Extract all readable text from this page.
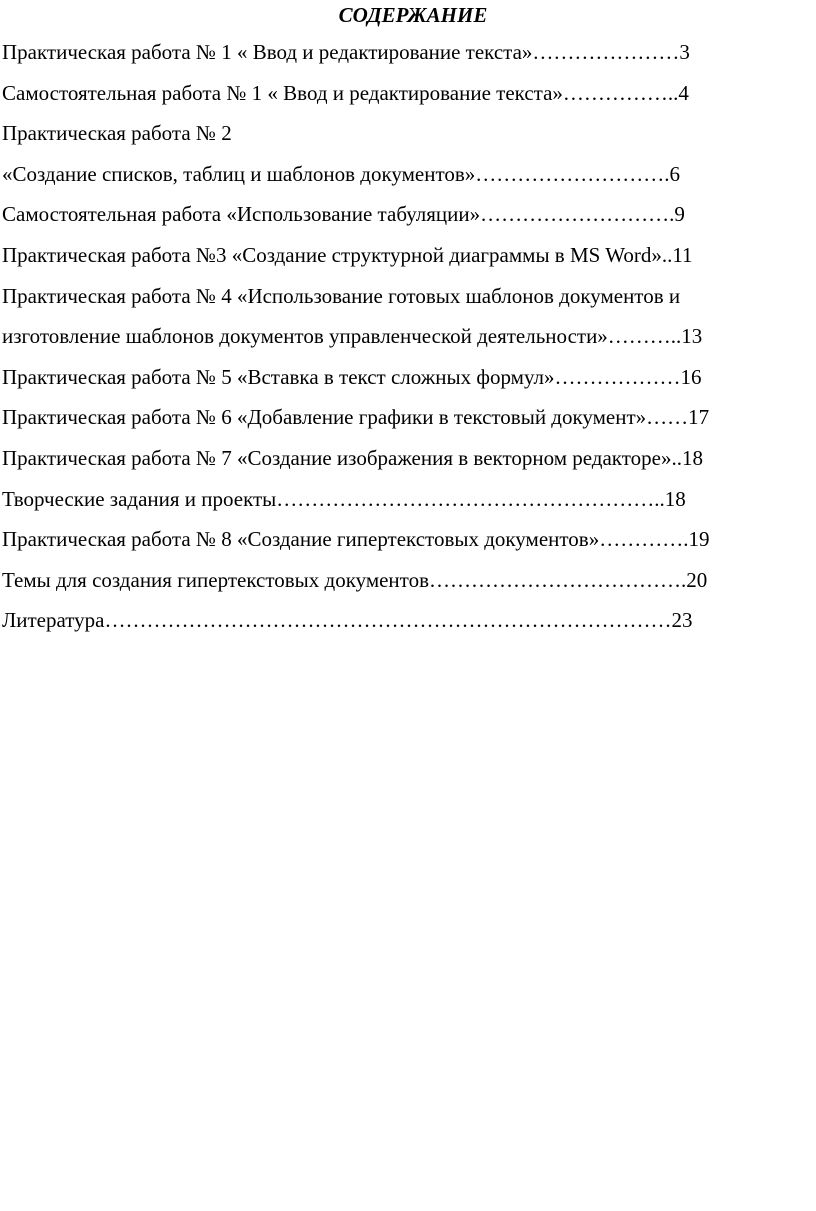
СОДЕРЖАНИЕ
Практическая работа № 1 « Ввод и редактирование текста»…………………3
Самостоятельная работа № 1 « Ввод и редактирование текста»……………..4
Практическая работа № 2
«Создание списков, таблиц и шаблонов документов»……………………….6
Самостоятельная работа «Использование табуляции»……………………….9
Практическая работа №3 «Создание структурной диаграммы в MS Word»..11
Практическая работа № 4 «Использование готовых шаблонов документов и
изготовление шаблонов документов управленческой деятельности»………..13
Практическая работа № 5 «Вставка в текст сложных формул»………………16
Практическая работа № 6 «Добавление графики в текстовый документ»……17
Практическая работа № 7 «Создание изображения в векторном редакторе»..18
Творческие задания и проекты………………………………………………..18
Практическая работа № 8 «Создание гипертекстовых документов»………….19
Темы для создания гипертекстовых документов……………………………….20
Литература………………………………………………………………………23
